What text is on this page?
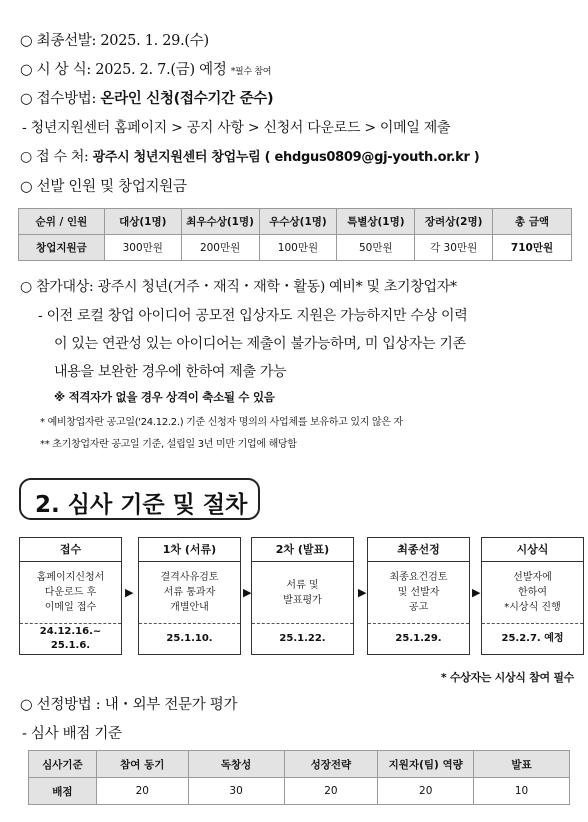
○ 최종선발: 2025. 1. 29.(수)
○ 시 상 식: 2025. 2. 7.(금) 예정 *필수 참여
○ 접수방법: 온라인 신청(접수기간 준수)
- 청년지원센터 홈페이지 > 공지 사항 > 신청서 다운로드 > 이메일 제출
○ 접 수 처: 광주시 청년지원센터 창업누림 ( ehdgus0809@gj-youth.or.kr )
○ 선발 인원 및 창업지원금
순위 / 인원	대상(1명)	최우수상(1명)	우수상(1명)	특별상(1명)	장려상(2명)	총 금액
창업지원금	300만원	200만원	100만원	50만원	각 30만원	710만원
○ 참가대상: 광주시 청년(거주・재직・재학・활동) 예비* 및 초기창업자*
- 이전 로컬 창업 아이디어 공모전 입상자도 지원은 가능하지만 수상 이력
이 있는 연관성 있는 아이디어는 제출이 불가능하며, 미 입상자는 기존
내용을 보완한 경우에 한하여 제출 가능
※ 적격자가 없을 경우 상격이 축소될 수 있음
* 예비창업자란 공고일('24.12.2.) 기준 신청자 명의의 사업체를 보유하고 있지 않은 자
** 초기창업자란 공고일 기준, 설립일 3년 미만 기업에 해당함
2. 심사 기준 및 절차
접수
홈페이지신청서
다운로드 후
이메일 접수
24.12.16.~
25.1.6.
▶
1차 (서류)
결격사유검토
서류 통과자
개별안내
25.1.10.
▶
2차 (발표)
서류 및
발표평가
25.1.22.
▶
최종선정
최종요건검토
및 선발자
공고
25.1.29.
▶
시상식
선발자에
한하여
*시상식 진행
25.2.7. 예정
* 수상자는 시상식 참여 필수
○ 선정방법 : 내・외부 전문가 평가
- 심사 배점 기준
심사기준	참여 동기	독창성	성장전략	지원자(팀) 역량	발표
배점	20	30	20	20	10
